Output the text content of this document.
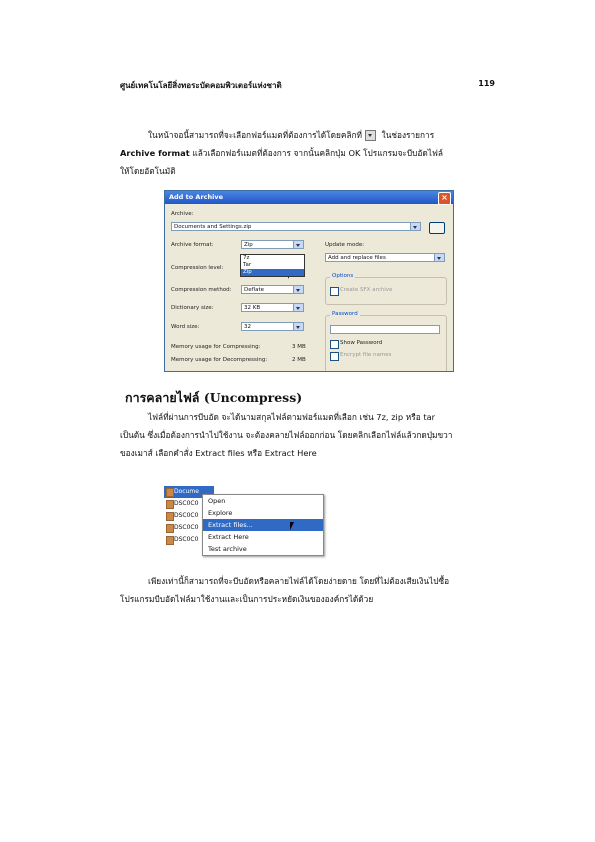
ศูนย์เทคโนโลยีสิ่งทอระบัดคอมพิวเตอร์แห่งชาติ	119
ในหน้าจอนี้สามารถที่จะเลือกฟอร์แมตที่ต้องการได้โดยคลิกที่ ในช่องรายการ
Archive format แล้วเลือกฟอร์แมตที่ต้องการ จากนั้นคลิกปุ่ม OK โปรแกรมจะบีบอัดไฟล์
ให้โดยอัตโนมัติ
Add to Archive	×
Archive:
Documents and Settings.zip
Archive format:	Zip
Compression level:
Compression method:	Deflate
Dictionary size:	32 KB
Word size:	32
Memory usage for Compressing:	3 MB
Memory usage for Decompressing:	2 MB
Update mode:
Add and replace files
Options
Create SFX archive
Password
Show Password
Encrypt file names
7z
Tar
Zip
การคลายไฟล์ (Uncompress)
ไฟล์ที่ผ่านการบีบอัด จะได้นามสกุลไฟล์ตามฟอร์แมตที่เลือก เช่น 7z, zip หรือ tar
เป็นต้น ซึ่งเมื่อต้องการนำไปใช้งาน จะต้องคลายไฟล์ออกก่อน โดยคลิกเลือกไฟล์แล้วกดปุ่มขวา
ของเมาส์ เลือกคำสั่ง Extract files หรือ Extract Here
Docume
DSC0C0
DSC0C0
DSC0C0
DSC0C0
Open
Explore
Extract files...
Extract Here
Test archive
เพียงเท่านี้ก็สามารถที่จะบีบอัดหรือคลายไฟล์ได้โดยง่ายดาย โดยที่ไม่ต้องเสียเงินไปซื้อ
โปรแกรมบีบอัดไฟล์มาใช้งานและเป็นการประหยัดเงินขององค์กรได้ด้วย
